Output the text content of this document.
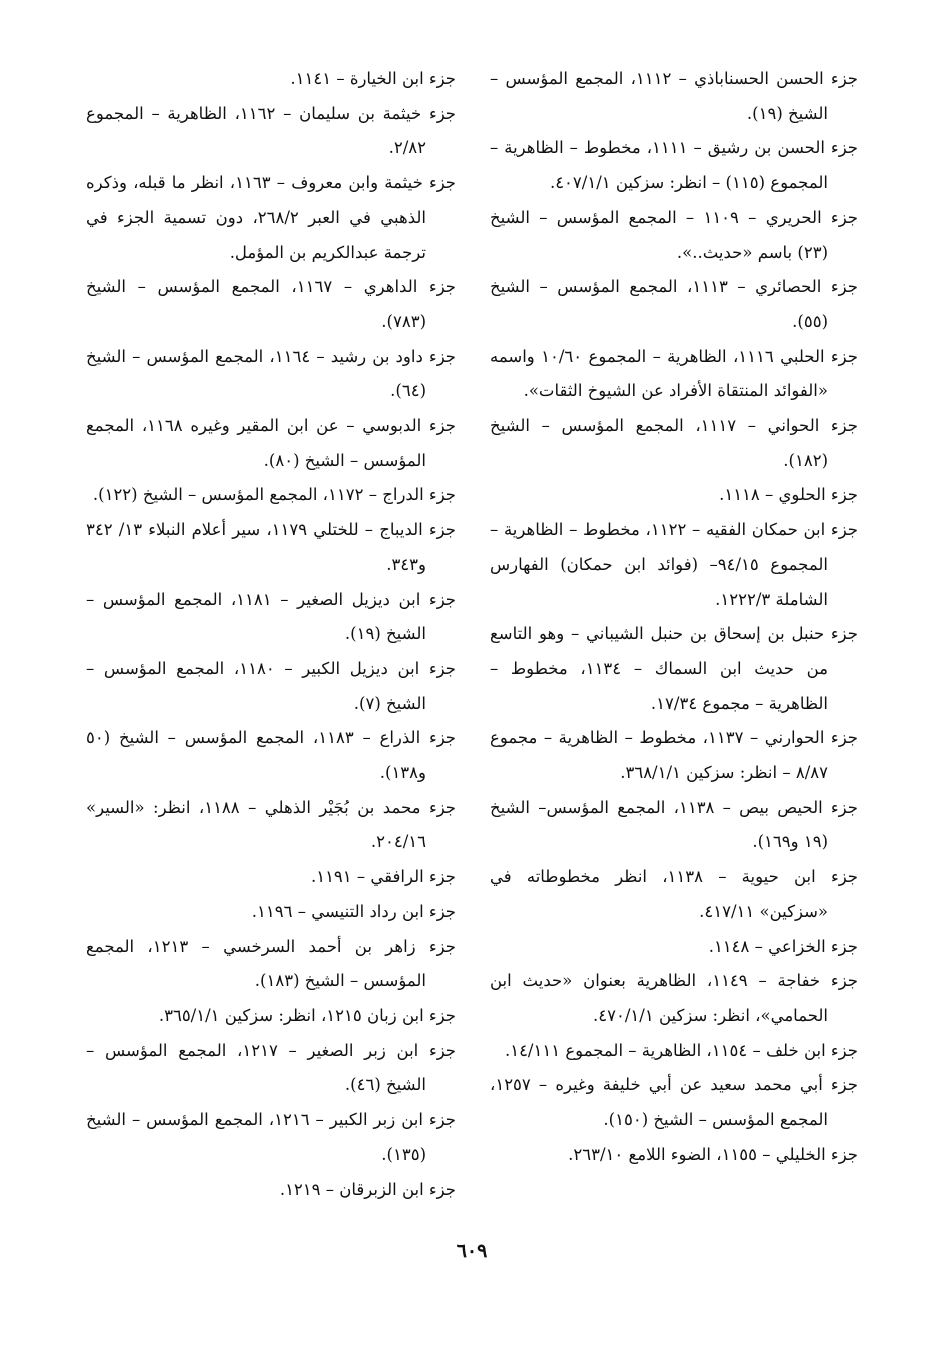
جزء الحسن الحسناباذي – ١١١٢، المجمع المؤسس – الشيخ (١٩).

جزء الحسن بن رشيق – ١١١١، مخطوط – الظاهرية – المجموع (١١٥) – انظر: سزكين ٤٠٧/١/١.

جزء الحريري – ١١٠٩ – المجمع المؤسس – الشيخ (٢٣) باسم «حديث..».

جزء الحصائري – ١١١٣، المجمع المؤسس – الشيخ (٥٥).

جزء الحلبي ١١١٦، الظاهرية – المجموع ١٠/٦٠ واسمه «الفوائد المنتقاة الأفراد عن الشيوخ الثقات».

جزء الحواني – ١١١٧، المجمع المؤسس – الشيخ (١٨٢).

جزء الحلوي – ١١١٨.

جزء ابن حمكان الفقيه – ١١٢٢، مخطوط – الظاهرية – المجموع ٩٤/١٥– (فوائد ابن حمكان) الفهارس الشاملة ١٢٢٢/٣.

جزء حنبل بن إسحاق بن حنبل الشيباني – وهو التاسع من حديث ابن السماك – ١١٣٤، مخطوط – الظاهرية – مجموع ١٧/٣٤.

جزء الحوارني – ١١٣٧، مخطوط – الظاهرية – مجموع ٨/٨٧ – انظر: سزكين ٣٦٨/١/١.

جزء الحيص بيص – ١١٣٨، المجمع المؤسس– الشيخ (١٩ و١٦٩).

جزء ابن حيوية – ١١٣٨، انظر مخطوطاته في «سزكين» ٤١٧/١١.

جزء الخزاعي – ١١٤٨.

جزء خفاجة – ١١٤٩، الظاهرية بعنوان «حديث ابن الحمامي»، انظر: سزكين ٤٧٠/١/١.

جزء ابن خلف – ١١٥٤، الظاهرية – المجموع ١٤/١١١.

جزء أبي محمد سعيد عن أبي خليفة وغيره – ١٢٥٧، المجمع المؤسس – الشيخ (١٥٠).

جزء الخليلي – ١١٥٥، الضوء اللامع ٢٦٣/١٠.

جزء ابن الخيارة – ١١٤١.

جزء خيثمة بن سليمان – ١١٦٢، الظاهرية – المجموع ٢/٨٢.

جزء خيثمة وابن معروف – ١١٦٣، انظر ما قبله، وذكره الذهبي في العبر ٢٦٨/٢، دون تسمية الجزء في ترجمة عبدالكريم بن المؤمل.

جزء الداهري – ١١٦٧، المجمع المؤسس – الشيخ (٧٨٣).

جزء داود بن رشيد – ١١٦٤، المجمع المؤسس – الشيخ (٦٤).

جزء الدبوسي – عن ابن المقير وغيره ١١٦٨، المجمع المؤسس – الشيخ (٨٠).

جزء الدراج – ١١٧٢، المجمع المؤسس – الشيخ (١٢٢).

جزء الديباج – للختلي ١١٧٩، سير أعلام النبلاء ١٣/ ٣٤٢ و٣٤٣.

جزء ابن ديزيل الصغير – ١١٨١، المجمع المؤسس – الشيخ (١٩).

جزء ابن ديزيل الكبير – ١١٨٠، المجمع المؤسس – الشيخ (٧).

جزء الذراع – ١١٨٣، المجمع المؤسس – الشيخ (٥٠ و١٣٨).

جزء محمد بن بُجَيْر الذهلي – ١١٨٨، انظر: «السير» ٢٠٤/١٦.

جزء الرافقي – ١١٩١.

جزء ابن رداد التنيسي – ١١٩٦.

جزء زاهر بن أحمد السرخسي – ١٢١٣، المجمع المؤسس – الشيخ (١٨٣).

جزء ابن زبان ١٢١٥، انظر: سزكين ٣٦٥/١/١.

جزء ابن زبر الصغير – ١٢١٧، المجمع المؤسس – الشيخ (٤٦).

جزء ابن زبر الكبير – ١٢١٦، المجمع المؤسس – الشيخ (١٣٥).

جزء ابن الزبرقان – ١٢١٩.

٦٠٩
